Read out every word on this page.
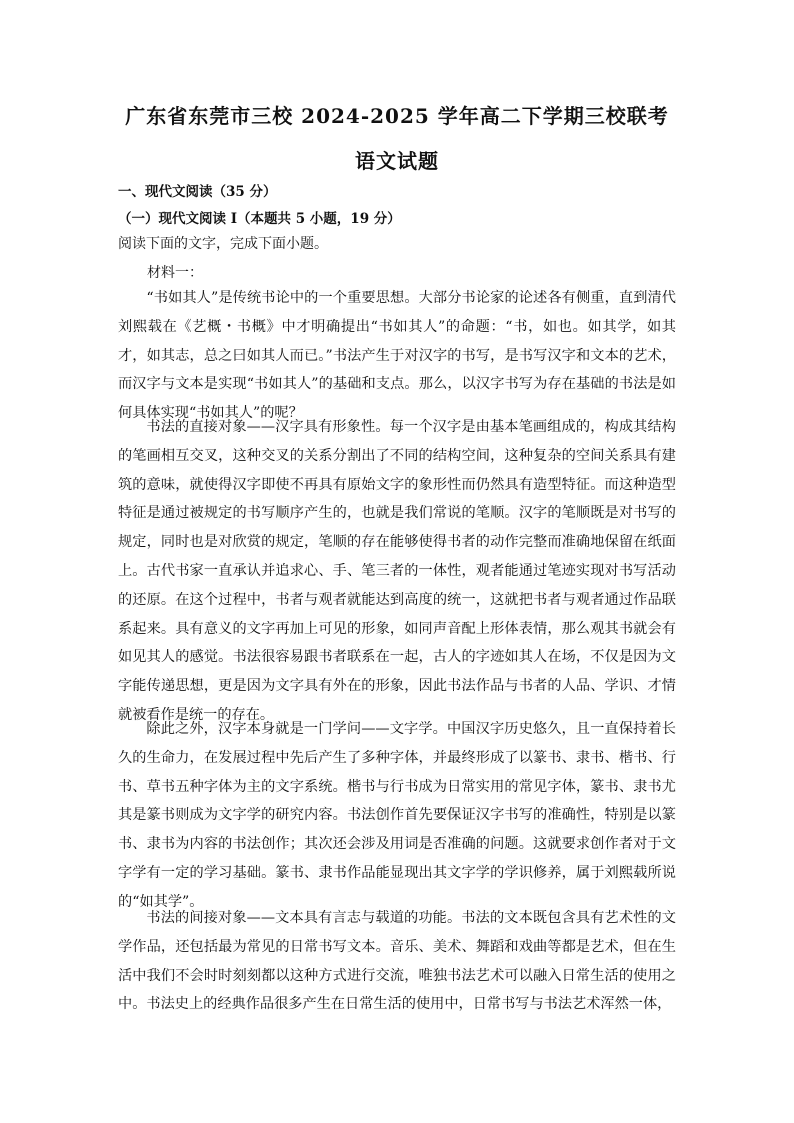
广东省东莞市三校 2024-2025 学年高二下学期三校联考
语文试题
一、现代文阅读（35 分）
（一）现代文阅读 I（本题共 5 小题，19 分）
阅读下面的文字，完成下面小题。
材料一：

“书如其人”是传统书论中的一个重要思想。大部分书论家的论述各有侧重，直到清代刘熙载在《艺概・书概》中才明确提出“书如其人”的命题：“书，如也。如其学，如其才，如其志，总之曰如其人而已。”书法产生于对汉字的书写，是书写汉字和文本的艺术，而汉字与文本是实现“书如其人”的基础和支点。那么，以汉字书写为存在基础的书法是如何具体实现“书如其人”的呢？

书法的直接对象——汉字具有形象性。每一个汉字是由基本笔画组成的，构成其结构的笔画相互交叉，这种交叉的关系分割出了不同的结构空间，这种复杂的空间关系具有建筑的意味，就使得汉字即使不再具有原始文字的象形性而仍然具有造型特征。而这种造型特征是通过被规定的书写顺序产生的，也就是我们常说的笔顺。汉字的笔顺既是对书写的规定，同时也是对欣赏的规定，笔顺的存在能够使得书者的动作完整而准确地保留在纸面上。古代书家一直承认并追求心、手、笔三者的一体性，观者能通过笔迹实现对书写活动的还原。在这个过程中，书者与观者就能达到高度的统一，这就把书者与观者通过作品联系起来。具有意义的文字再加上可见的形象，如同声音配上形体表情，那么观其书就会有如见其人的感觉。书法很容易跟书者联系在一起，古人的字迹如其人在场，不仅是因为文字能传递思想，更是因为文字具有外在的形象，因此书法作品与书者的人品、学识、才情就被看作是统一的存在。

除此之外，汉字本身就是一门学问——文字学。中国汉字历史悠久，且一直保持着长久的生命力，在发展过程中先后产生了多种字体，并最终形成了以篆书、隶书、楷书、行书、草书五种字体为主的文字系统。楷书与行书成为日常实用的常见字体，篆书、隶书尤其是篆书则成为文字学的研究内容。书法创作首先要保证汉字书写的准确性，特别是以篆书、隶书为内容的书法创作；其次还会涉及用词是否准确的问题。这就要求创作者对于文字学有一定的学习基础。篆书、隶书作品能显现出其文字学的学识修养，属于刘熙载所说的“如其学”。

书法的间接对象——文本具有言志与载道的功能。书法的文本既包含具有艺术性的文学作品，还包括最为常见的日常书写文本。音乐、美术、舞蹈和戏曲等都是艺术，但在生活中我们不会时时刻刻都以这种方式进行交流，唯独书法艺术可以融入日常生活的使用之中。书法史上的经典作品很多产生在日常生活的使用中，日常书写与书法艺术浑然一体，
